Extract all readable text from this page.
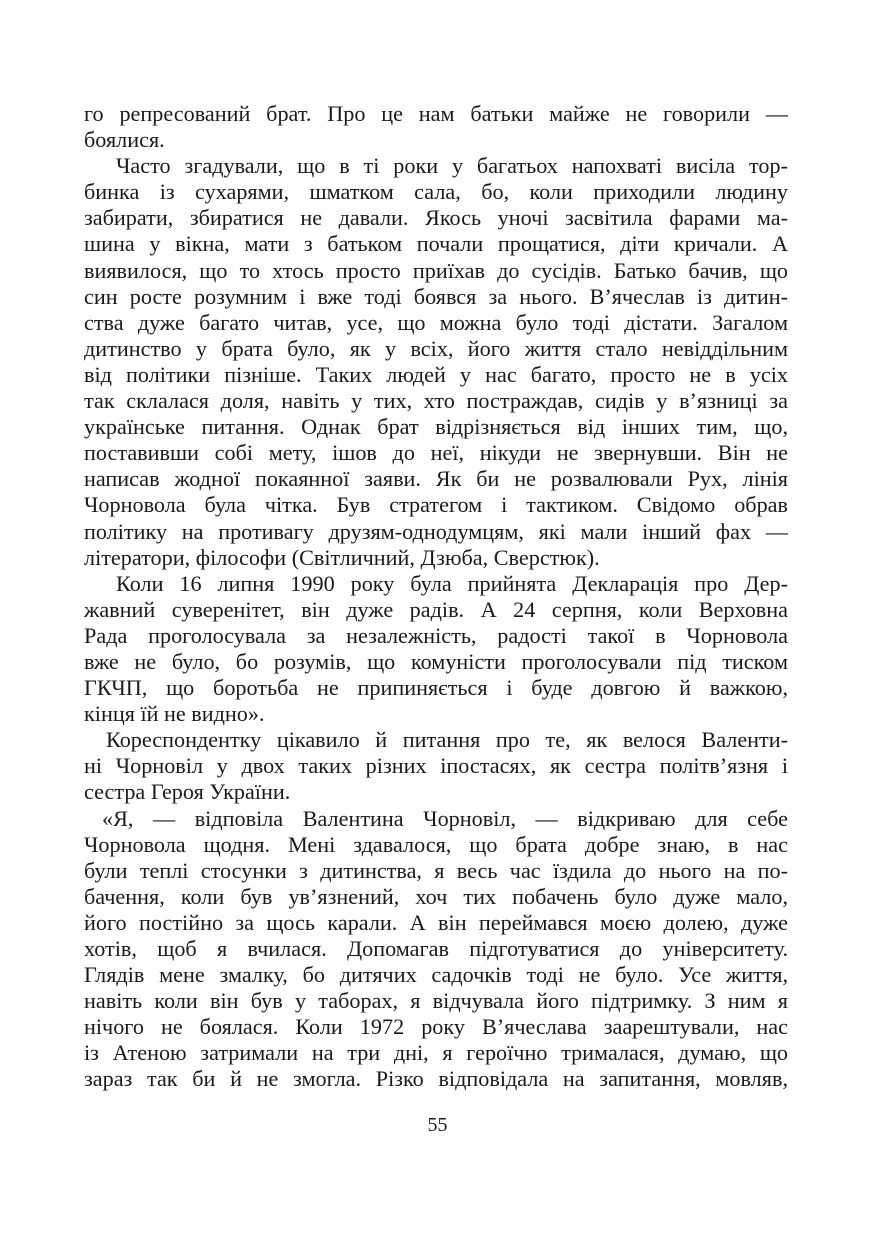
го репресований брат. Про це нам батьки майже не говорили —
боялися.
Часто згадували, що в ті роки у багатьох напохваті висіла тор-
бинка із сухарями, шматком сала, бо, коли приходили людину
забирати, збиратися не давали. Якось уночі засвітила фарами ма-
шина у вікна, мати з батьком почали прощатися, діти кричали. А
виявилося, що то хтось просто приїхав до сусідів. Батько бачив, що
син росте розумним і вже тоді боявся за нього. В’ячеслав із дитин-
ства дуже багато читав, усе, що можна було тоді дістати. Загалом
дитинство у брата було, як у всіх, його життя стало невіддільним
від політики пізніше. Таких людей у нас багато, просто не в усіх
так склалася доля, навіть у тих, хто постраждав, сидів у в’язниці за
українське питання. Однак брат відрізняється від інших тим, що,
поставивши собі мету, ішов до неї, нікуди не звернувши. Він не
написав жодної покаянної заяви. Як би не розвалювали Рух, лінія
Чорновола була чітка. Був стратегом і тактиком. Свідомо обрав
політику на противагу друзям-однодумцям, які мали інший фах —
літератори, філософи (Світличний, Дзюба, Сверстюк).
Коли 16 липня 1990 року була прийнята Декларація про Дер-
жавний суверенітет, він дуже радів. А 24 серпня, коли Верховна
Рада проголосувала за незалежність, радості такої в Чорновола
вже не було, бо розумів, що комуністи проголосували під тиском
ГКЧП, що боротьба не припиняється і буде довгою й важкою,
кінця їй не видно».
Кореспондентку цікавило й питання про те, як велося Валенти-
ні Чорновіл у двох таких різних іпостасях, як сестра політв’язня і
сестра Героя України.
«Я, — відповіла Валентина Чорновіл, — відкриваю для себе
Чорновола щодня. Мені здавалося, що брата добре знаю, в нас
були теплі стосунки з дитинства, я весь час їздила до нього на по-
бачення, коли був ув’язнений, хоч тих побачень було дуже мало,
його постійно за щось карали. А він переймався моєю долею, дуже
хотів, щоб я вчилася. Допомагав підготуватися до університету.
Глядів мене змалку, бо дитячих садочків тоді не було. Усе життя,
навіть коли він був у таборах, я відчувала його підтримку. З ним я
нічого не боялася. Коли 1972 року В’ячеслава заарештували, нас
із Атеною затримали на три дні, я героїчно трималася, думаю, що
зараз так би й не змогла. Різко відповідала на запитання, мовляв,
55
